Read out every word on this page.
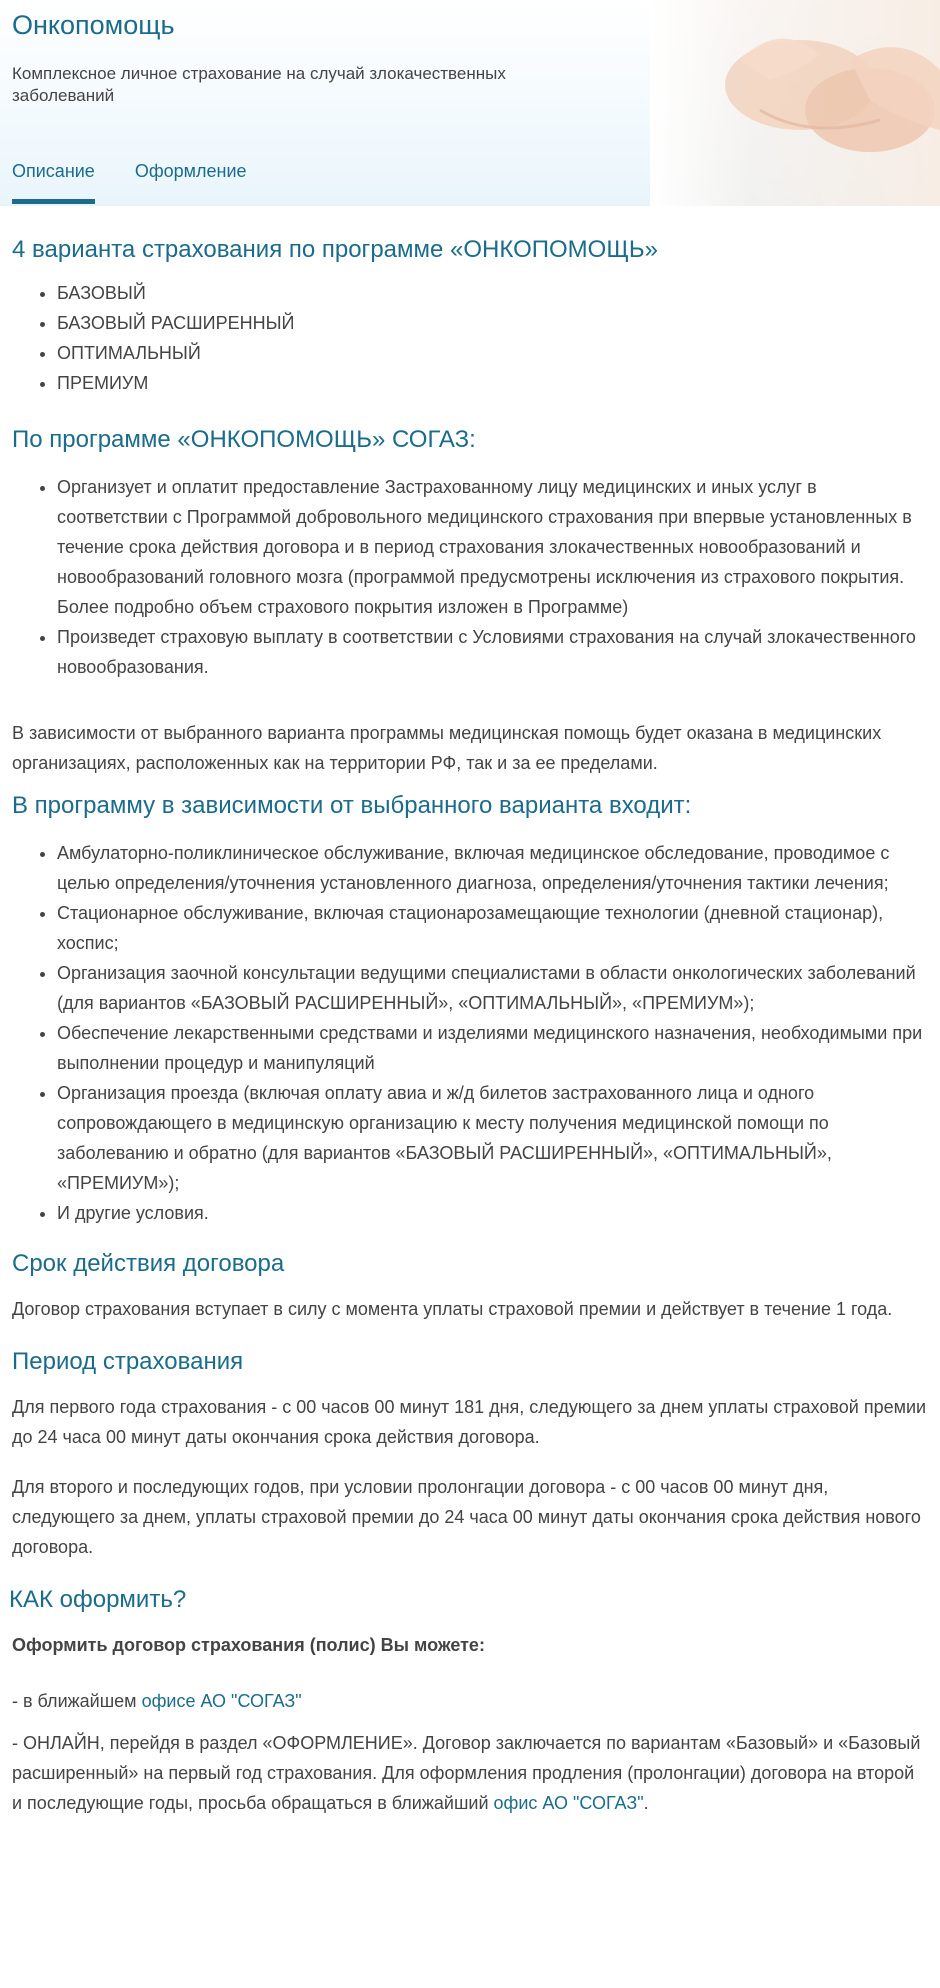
Онкопомощь

Комплексное личное страхование на случай злокачественных заболеваний

Описание Оформление
4 варианта страхования по программе «ОНКОПОМОЩЬ»
• БАЗОВЫЙ
• БАЗОВЫЙ РАСШИРЕННЫЙ
• ОПТИМАЛЬНЫЙ
• ПРЕМИУМ
По программе «ОНКОПОМОЩЬ» СОГАЗ:
• Организует и оплатит предоставление Застрахованному лицу медицинских и иных услуг в соответствии с Программой добровольного медицинского страхования при впервые установленных в течение срока действия договора и в период страхования злокачественных новообразований и новообразований головного мозга (программой предусмотрены исключения из страхового покрытия. Более подробно объем страхового покрытия изложен в Программе)
• Произведет страховую выплату в соответствии с Условиями страхования на случай злокачественного новообразования.

В зависимости от выбранного варианта программы медицинская помощь будет оказана в медицинских организациях, расположенных как на территории РФ, так и за ее пределами.

В программу в зависимости от выбранного варианта входит:
• Амбулаторно-поликлиническое обслуживание, включая медицинское обследование, проводимое с целью определения/уточнения установленного диагноза, определения/уточнения тактики лечения;
• Стационарное обслуживание, включая стационарозамещающие технологии (дневной стационар), хоспис;
• Организация заочной консультации ведущими специалистами в области онкологических заболеваний (для вариантов «БАЗОВЫЙ РАСШИРЕННЫЙ», «ОПТИМАЛЬНЫЙ», «ПРЕМИУМ»);
• Обеспечение лекарственными средствами и изделиями медицинского назначения, необходимыми при выполнении процедур и манипуляций
• Организация проезда (включая оплату авиа и ж/д билетов застрахованного лица и одного сопровождающего в медицинскую организацию к месту получения медицинской помощи по заболеванию и обратно (для вариантов «БАЗОВЫЙ РАСШИРЕННЫЙ», «ОПТИМАЛЬНЫЙ», «ПРЕМИУМ»);
• И другие условия.
Срок действия договора

Договор страхования вступает в силу с момента уплаты страховой премии и действует в течение 1 года.

Период страхования

Для первого года страхования - с 00 часов 00 минут 181 дня, следующего за днем уплаты страховой премии до 24 часа 00 минут даты окончания срока действия договора.

Для второго и последующих годов, при условии пролонгации договора - с 00 часов 00 минут дня, следующего за днем, уплаты страховой премии до 24 часа 00 минут даты окончания срока действия нового договора.

КАК оформить?

Оформить договор страхования (полис) Вы можете:

- в ближайшем офисе АО "СОГАЗ"

- ОНЛАЙН, перейдя в раздел «ОФОРМЛЕНИЕ». Договор заключается по вариантам «Базовый» и «Базовый расширенный» на первый год страхования. Для оформления продления (пролонгации) договора на второй и последующие годы, просьба обращаться в ближайший офис АО "СОГАЗ".
